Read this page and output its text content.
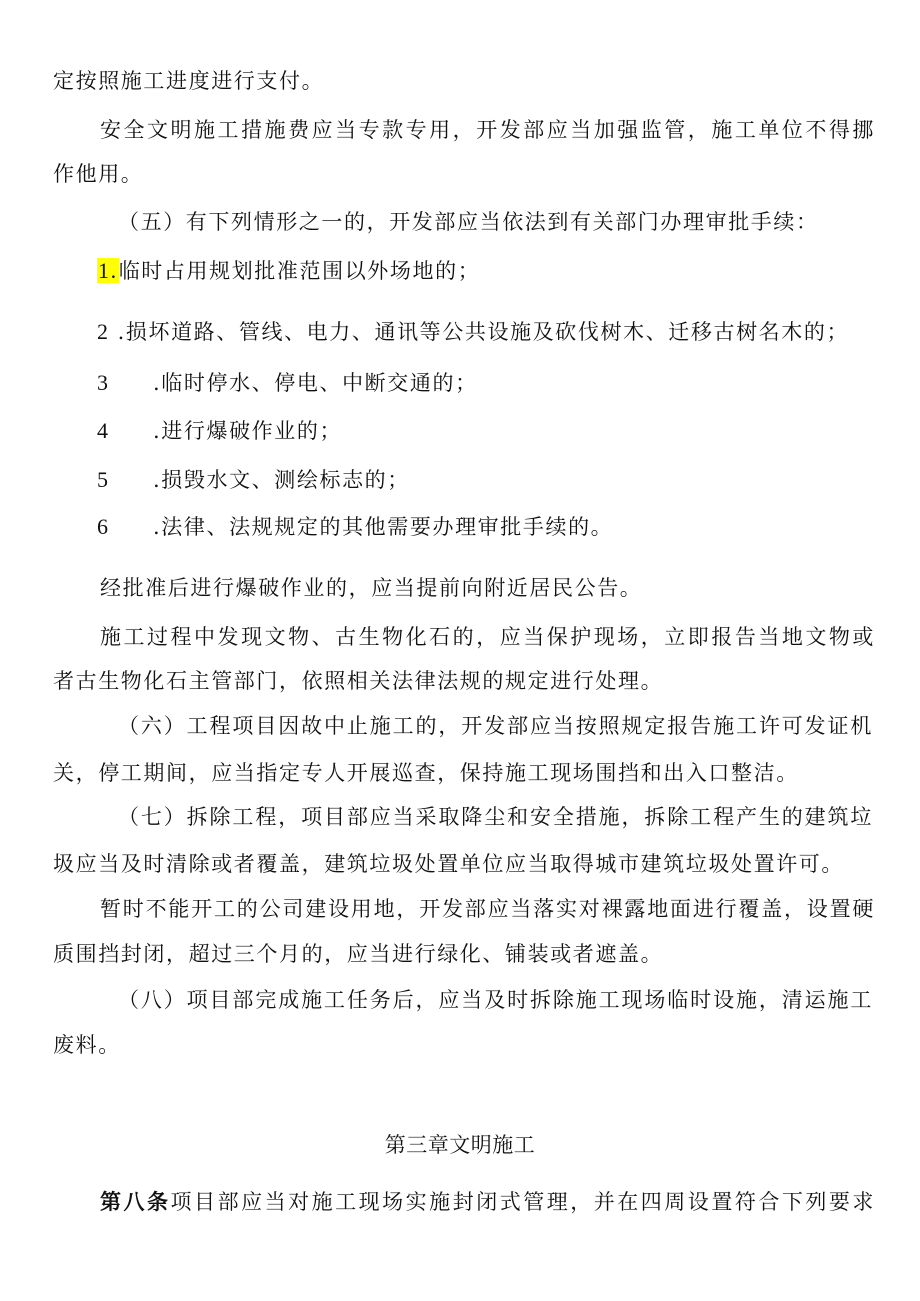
定按照施工进度进行支付。
安全文明施工措施费应当专款专用，开发部应当加强监管，施工单位不得挪
作他用。
（五）有下列情形之一的，开发部应当依法到有关部门办理审批手续：
1.临时占用规划批准范围以外场地的；
2 .损坏道路、管线、电力、通讯等公共设施及砍伐树木、迁移古树名木的；
3 .临时停水、停电、中断交通的；
4 .进行爆破作业的；
5 .损毁水文、测绘标志的；
6 .法律、法规规定的其他需要办理审批手续的。
经批准后进行爆破作业的，应当提前向附近居民公告。
施工过程中发现文物、古生物化石的，应当保护现场，立即报告当地文物或
者古生物化石主管部门，依照相关法律法规的规定进行处理。
（六）工程项目因故中止施工的，开发部应当按照规定报告施工许可发证机
关，停工期间，应当指定专人开展巡查，保持施工现场围挡和出入口整洁。
（七）拆除工程，项目部应当采取降尘和安全措施，拆除工程产生的建筑垃
圾应当及时清除或者覆盖，建筑垃圾处置单位应当取得城市建筑垃圾处置许可。
暂时不能开工的公司建设用地，开发部应当落实对裸露地面进行覆盖，设置硬
质围挡封闭，超过三个月的，应当进行绿化、铺装或者遮盖。
（八）项目部完成施工任务后，应当及时拆除施工现场临时设施，清运施工
废料。
第三章文明施工
第八条项目部应当对施工现场实施封闭式管理，并在四周设置符合下列要求
